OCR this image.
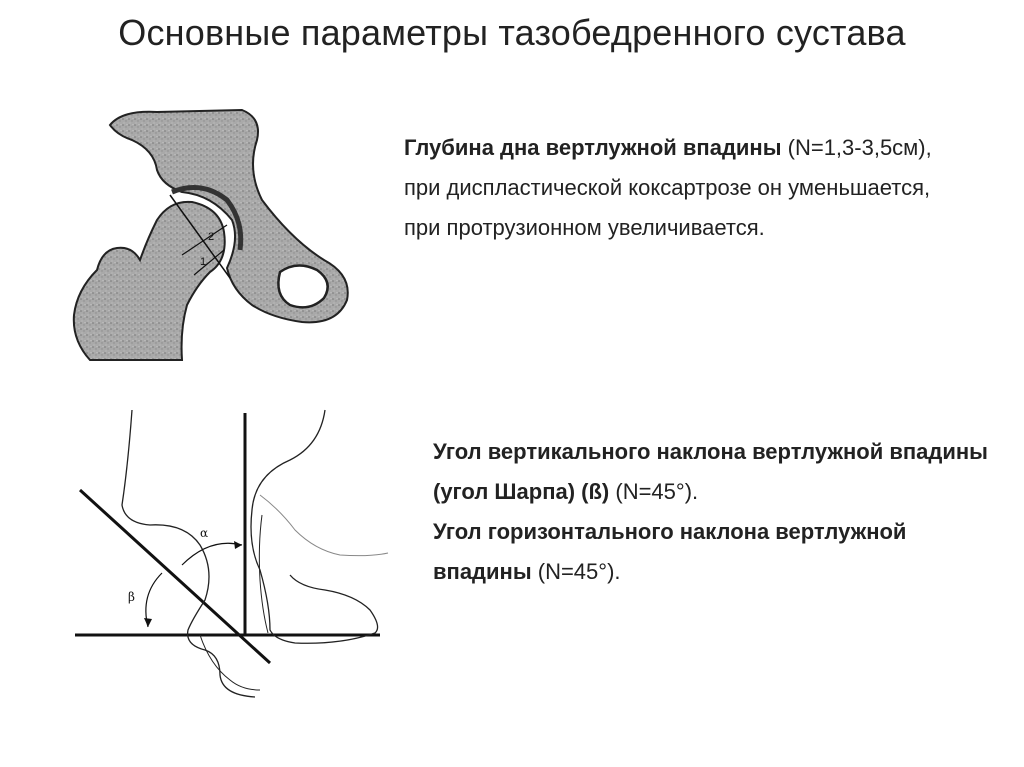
Основные параметры тазобедренного сустава
2
1
Глубина дна вертлужной впадины (N=1,3-3,5см), при диспластической коксартрозе он уменьшается, при протрузионном увеличивается.
α
β
Угол вертикального наклона вертлужной впадины (угол Шарпа) (ß) (N=45°).
Угол горизонтального наклона вертлужной впадины (N=45°).
